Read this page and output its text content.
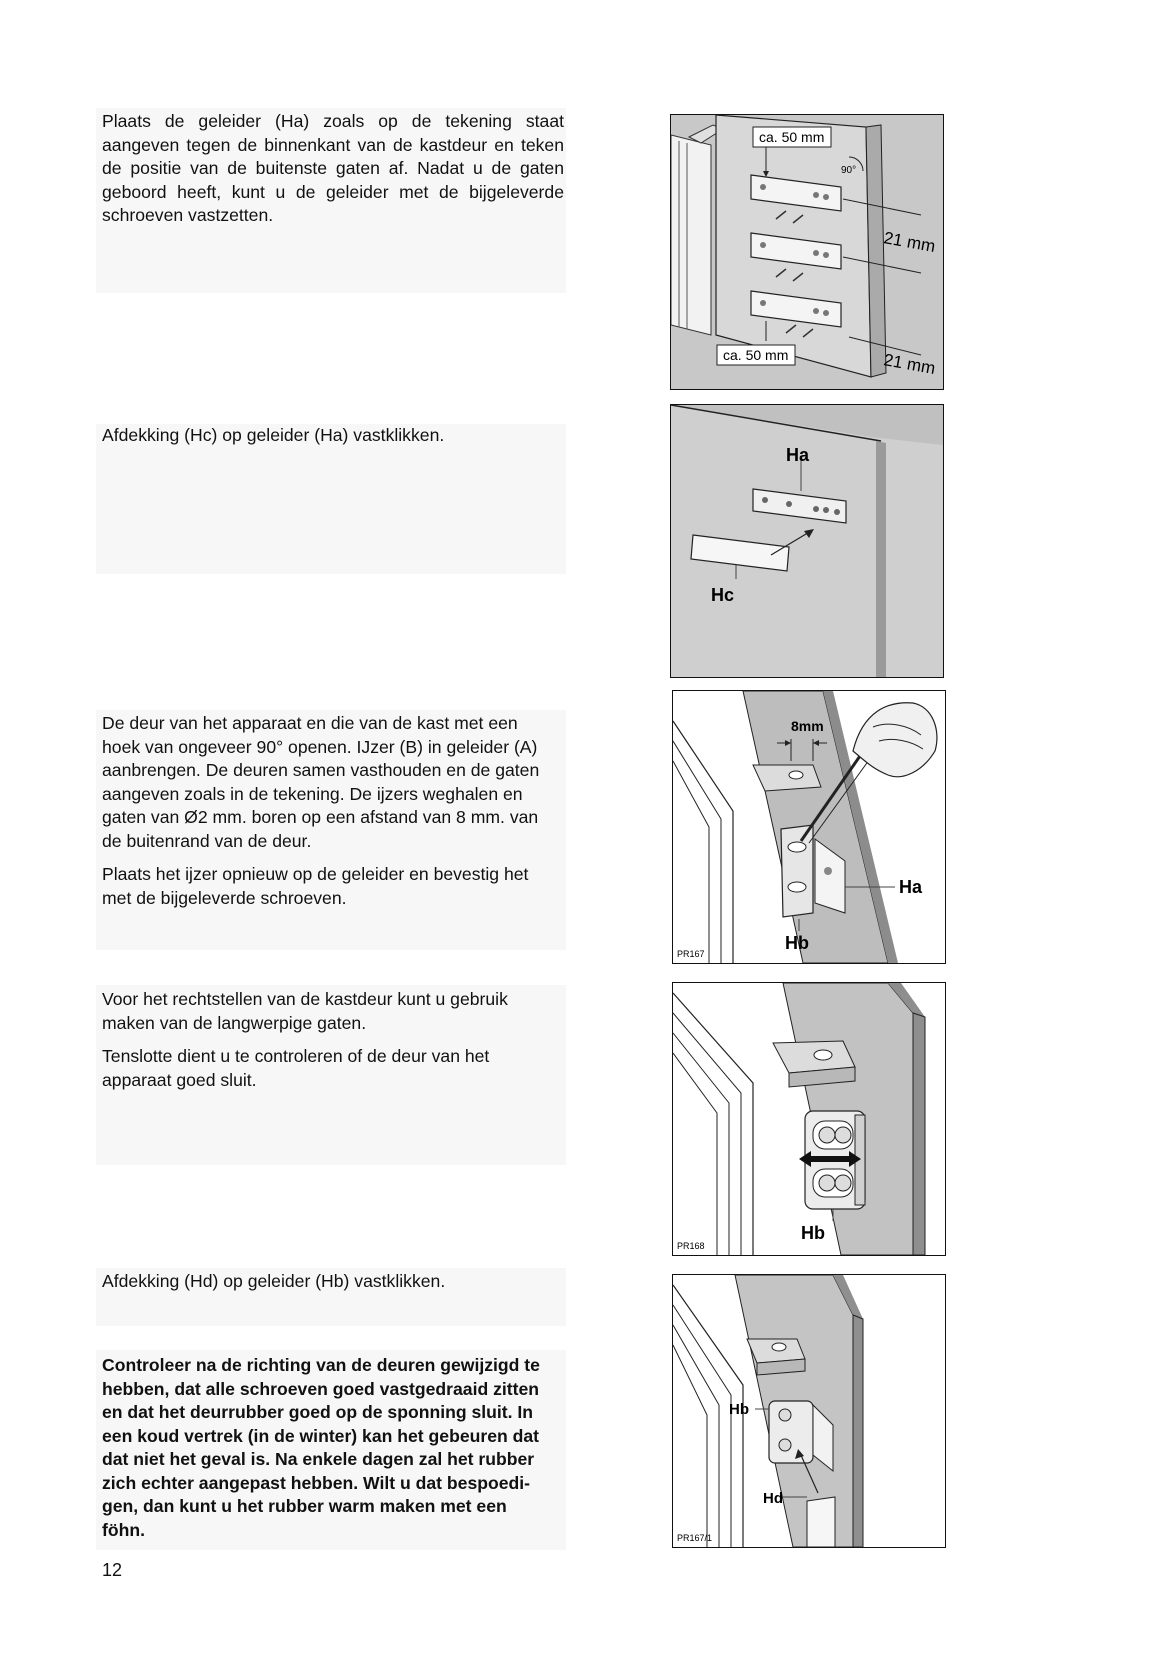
Plaats de geleider (Ha) zoals op de tekening staat aangeven tegen de binnenkant van de kastdeur en teken de positie van de buitenste gaten af. Nadat u de gaten geboord heeft, kunt u de geleider met de bijgeleverde schroeven vastzetten.

Afdekking (Hc) op geleider (Ha) vastklikken.

De deur van het apparaat en die van de kast met een hoek van ongeveer 90° openen. IJzer (B) in geleider (A) aanbrengen. De deuren samen vasthouden en de gaten aangeven zoals in de tekening. De ijzers weghalen en gaten van Ø2 mm. boren op een afstand van 8 mm. van de buitenrand van de deur.

Plaats het ijzer opnieuw op de geleider en bevestig het met de bijgeleverde schroeven.

Voor het rechtstellen van de kastdeur kunt u gebruik maken van de langwerpige gaten.

Tenslotte dient u te controleren of de deur van het apparaat goed sluit.

Afdekking (Hd) op geleider (Hb) vastklikken.

Controleer na de richting van de deuren gewijzigd te hebben, dat alle schroeven goed vastgedraaid zitten en dat het deurrubber goed op de sponning sluit. In een koud vertrek (in de winter) kan het gebeuren dat dat niet het geval is. Na enkele dagen zal het rubber zich echter aangepast hebben. Wilt u dat bespoedi-gen, dan kunt u het rubber warm maken met een föhn.

12
ca. 50 mm
ca. 50 mm
90°
21 mm
21 mm
Ha
Hc
8mm
Ha
Hb
PR167
Hb
PR168
Hb
Hd
PR167/1
